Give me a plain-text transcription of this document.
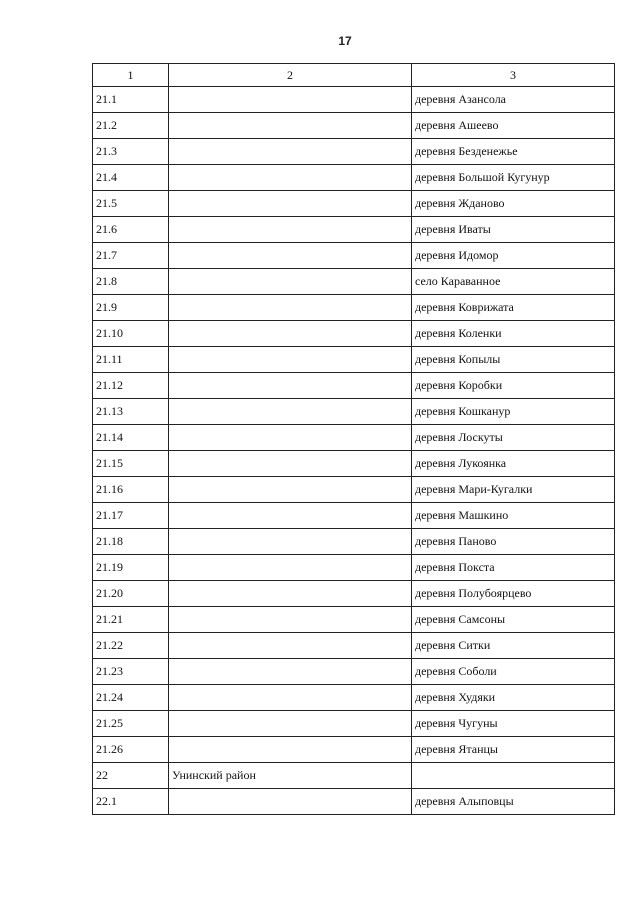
17
1	2	3
21.1		деревня Азансола
21.2		деревня Ашеево
21.3		деревня Безденежье
21.4		деревня Большой Кугунур
21.5		деревня Жданово
21.6		деревня Иваты
21.7		деревня Идомор
21.8		село Караванное
21.9		деревня Коврижата
21.10		деревня Коленки
21.11		деревня Копылы
21.12		деревня Коробки
21.13		деревня Кошканур
21.14		деревня Лоскуты
21.15		деревня Лукоянка
21.16		деревня Мари-Кугалки
21.17		деревня Машкино
21.18		деревня Паново
21.19		деревня Покста
21.20		деревня Полубоярцево
21.21		деревня Самсоны
21.22		деревня Ситки
21.23		деревня Соболи
21.24		деревня Худяки
21.25		деревня Чугуны
21.26		деревня Ятанцы
22	Унинский район	
22.1		деревня Алыповцы
